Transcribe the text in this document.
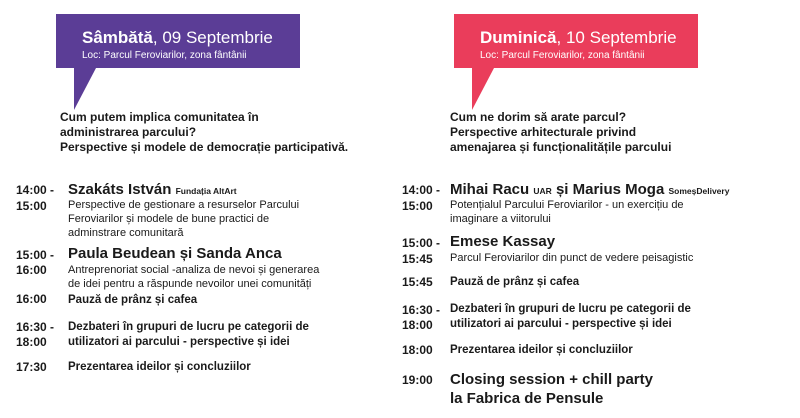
Sâmbătă, 09 Septembrie
Loc: Parcul Feroviarilor, zona fântânii
Cum putem implica comunitatea în
administrarea parcului?
Perspective și modele de democrație participativă.
14:00 -
15:00
Szakáts István Fundația AltArt
Perspective de gestionare a resurselor Parcului
Feroviarilor și modele de bune practici de
adminstrare comunitară
15:00 -
16:00
Paula Beudean și Sanda Anca
Antreprenoriat social -analiza de nevoi și generarea
de idei pentru a răspunde nevoilor unei comunități
16:00 Pauză de prânz și cafea
16:30 -
18:00
Dezbateri în grupuri de lucru pe categorii de
utilizatori ai parcului - perspective și idei
17:30 Prezentarea ideilor și concluziilor
Duminică, 10 Septembrie
Loc: Parcul Feroviarilor, zona fântânii
Cum ne dorim să arate parcul?
Perspective arhitecturale privind
amenajarea și funcționalitățile parcului
14:00 -
15:00
Mihai Racu UAR și Marius Moga SomeșDelivery
Potențialul Parcului Feroviarilor - un exercițiu de
imaginare a viitorului
15:00 -
15:45
Emese Kassay
Parcul Feroviarilor din punct de vedere peisagistic
15:45 Pauză de prânz și cafea
16:30 -
18:00
Dezbateri în grupuri de lucru pe categorii de
utilizatori ai parcului - perspective și idei
18:00 Prezentarea ideilor și concluziilor
19:00 Closing session + chill party
la Fabrica de Pensule
